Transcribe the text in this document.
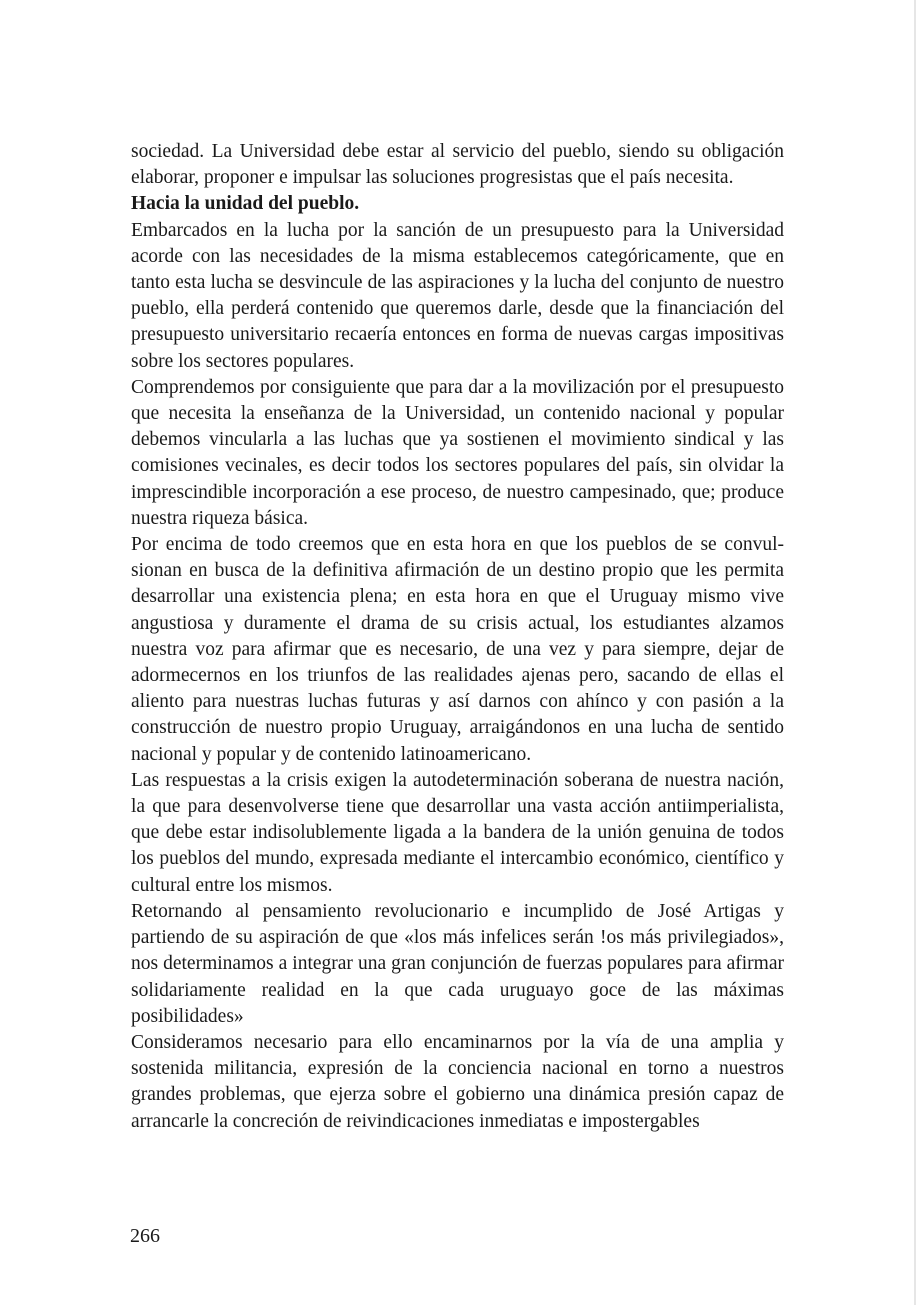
sociedad. La Universidad debe estar al servicio del pueblo, siendo su obligación elaborar, proponer e impulsar las soluciones progresistas que el país necesita.

Hacia la unidad del pueblo.

Embarcados en la lucha por la sanción de un presupuesto para la Universidad acorde con las necesidades de la misma establecemos categóricamente, que en tanto esta lucha se desvincule de las aspiraciones y la lucha del conjunto de nuestro pueblo, ella perderá contenido que queremos darle, desde que la financiación del presupuesto universitario recaería entonces en forma de nuevas cargas impositivas sobre los sectores populares.

Comprendemos por consiguiente que para dar a la movilización por el presupuesto que necesita la enseñanza de la Universidad, un contenido nacional y popular debemos vincularla a las luchas que ya sostienen el movimiento sindical y las comisiones vecinales, es decir todos los sectores populares del país, sin olvidar la imprescindible incorporación a ese proceso, de nuestro campesinado, que; produce nuestra riqueza básica.

Por encima de todo creemos que en esta hora en que los pueblos de se convulsionan en busca de la definitiva afirmación de un destino propio que les permita desarrollar una existencia plena; en esta hora en que el Uruguay mismo vive angustiosa y duramente el drama de su crisis actual, los estudiantes alzamos nuestra voz para afirmar que es necesario, de una vez y para siempre, dejar de adormecernos en los triunfos de las realidades ajenas pero, sacando de ellas el aliento para nuestras luchas futuras y así darnos con ahínco y con pasión a la construcción de nuestro propio Uruguay, arraigándonos en una lucha de sentido nacional y popular y de contenido latinoamericano.

Las respuestas a la crisis exigen la autodeterminación soberana de nuestra nación, la que para desenvolverse tiene que desarrollar una vasta acción antiimperialista, que debe estar indisolublemente ligada a la bandera de la unión genuina de todos los pueblos del mundo, expresada mediante el intercambio económico, científico y cultural entre los mismos.

Retornando al pensamiento revolucionario e incumplido de José Artigas y partiendo de su aspiración de que «los más infelices serán !os más privilegiados», nos determinamos a integrar una gran conjunción de fuerzas populares para afirmar solidariamente realidad en la que cada uruguayo goce de las máximas posibilidades»

Consideramos necesario para ello encaminarnos por la vía de una amplia y sostenida militancia, expresión de la conciencia nacional en torno a nuestros grandes problemas, que ejerza sobre el gobierno una dinámica presión capaz de arrancarle la concreción de reivindicaciones inmediatas e impostergables

266
